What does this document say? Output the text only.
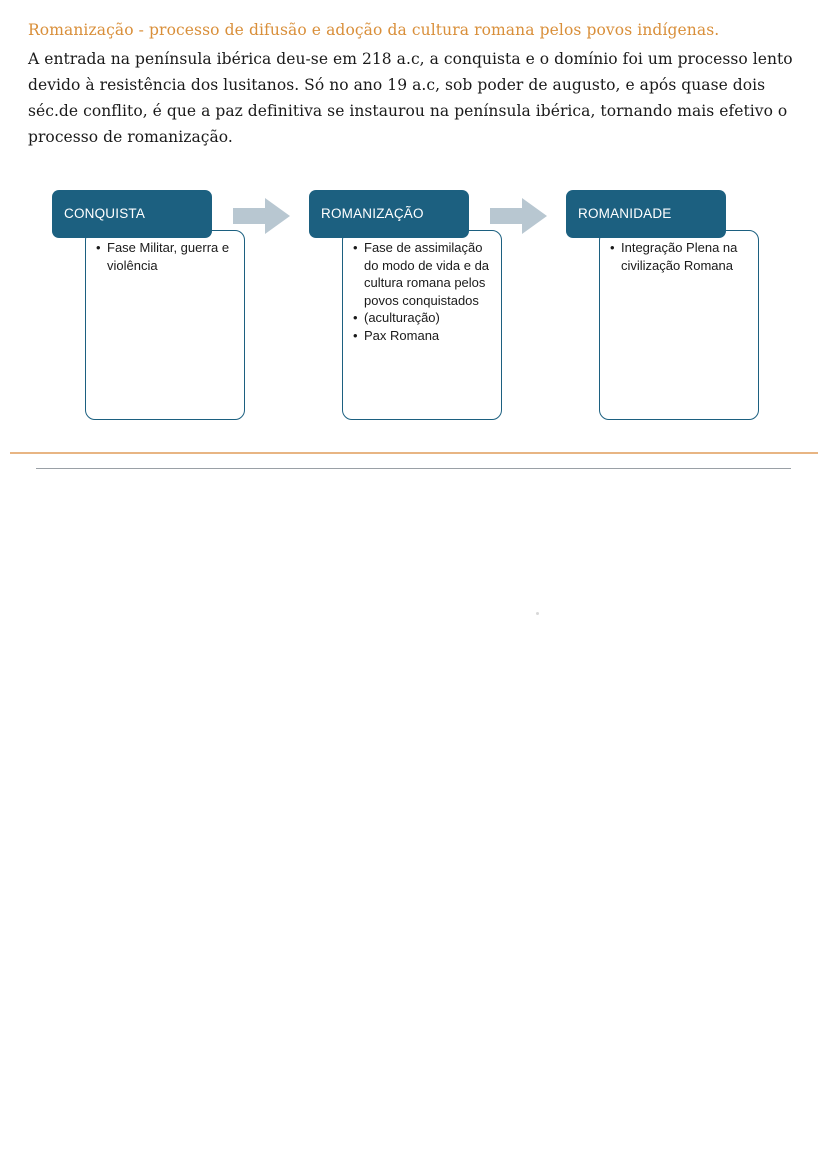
Romanização - processo de difusão e adoção da cultura romana pelos povos indígenas.
A entrada na península ibérica deu-se em 218 a.c, a conquista e o domínio foi um processo lento devido à resistência dos lusitanos. Só no ano 19 a.c, sob poder de augusto, e após quase dois séc.de conflito, é que a paz definitiva se instaurou na península ibérica, tornando mais efetivo o processo de romanização.
CONQUISTA
• Fase Militar, guerra e violência
ROMANIZAÇÃO
• Fase de assimilação do modo de vida e da cultura romana pelos povos conquistados
• (aculturação)
• Pax Romana
ROMANIDADE
• Integração Plena na civilização Romana
